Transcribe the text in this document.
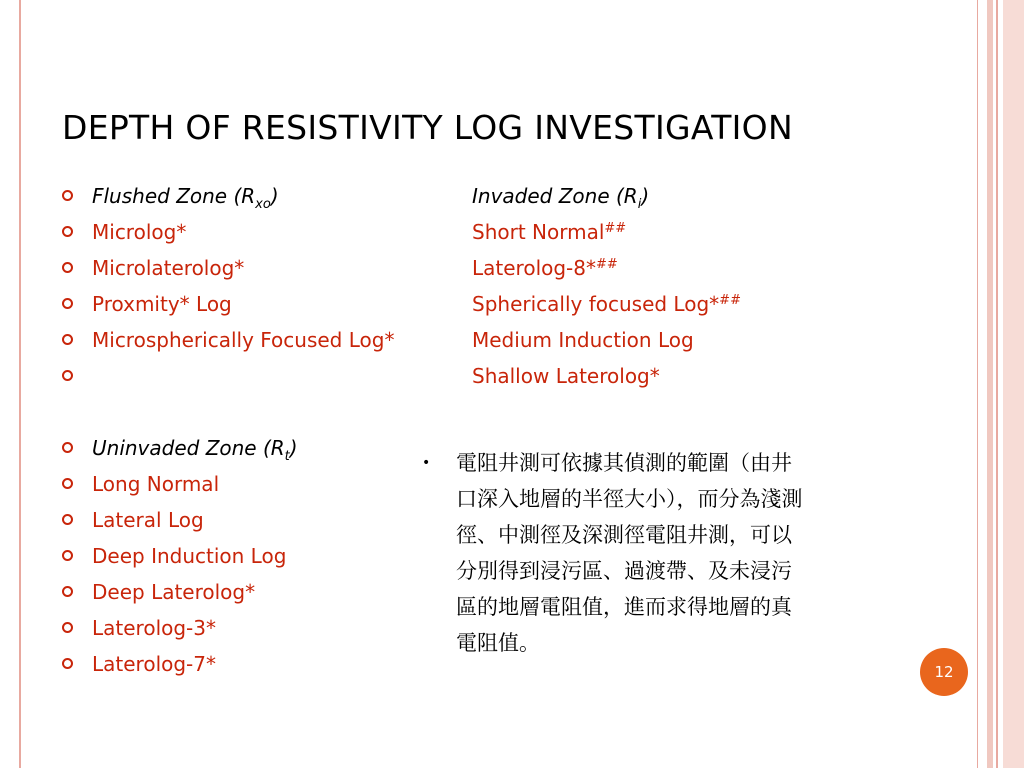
DEPTH OF RESISTIVITY LOG INVESTIGATION
Flushed Zone $(R_{xo})$
Microlog*
Microlaterolog*
Proxmity* Log
Microspherically Focused Log*
Uninvaded Zone $(R_t)$
Long Normal
Lateral Log
Deep Induction Log
Deep Laterolog*
Laterolog-3*
Laterolog-7*
Invaded Zone $(R_i)$
Short Normal##
Laterolog-8*##
Spherically focused Log*##
Medium Induction Log
Shallow Laterolog*
• 電阻井測可依據其偵測的範圍（由井口深入地層的半徑大小），而分為淺測徑、中測徑及深測徑電阻井測，可以分別得到浸污區、過渡帶、及未浸污區的地層電阻值，進而求得地層的真電阻值。

12
